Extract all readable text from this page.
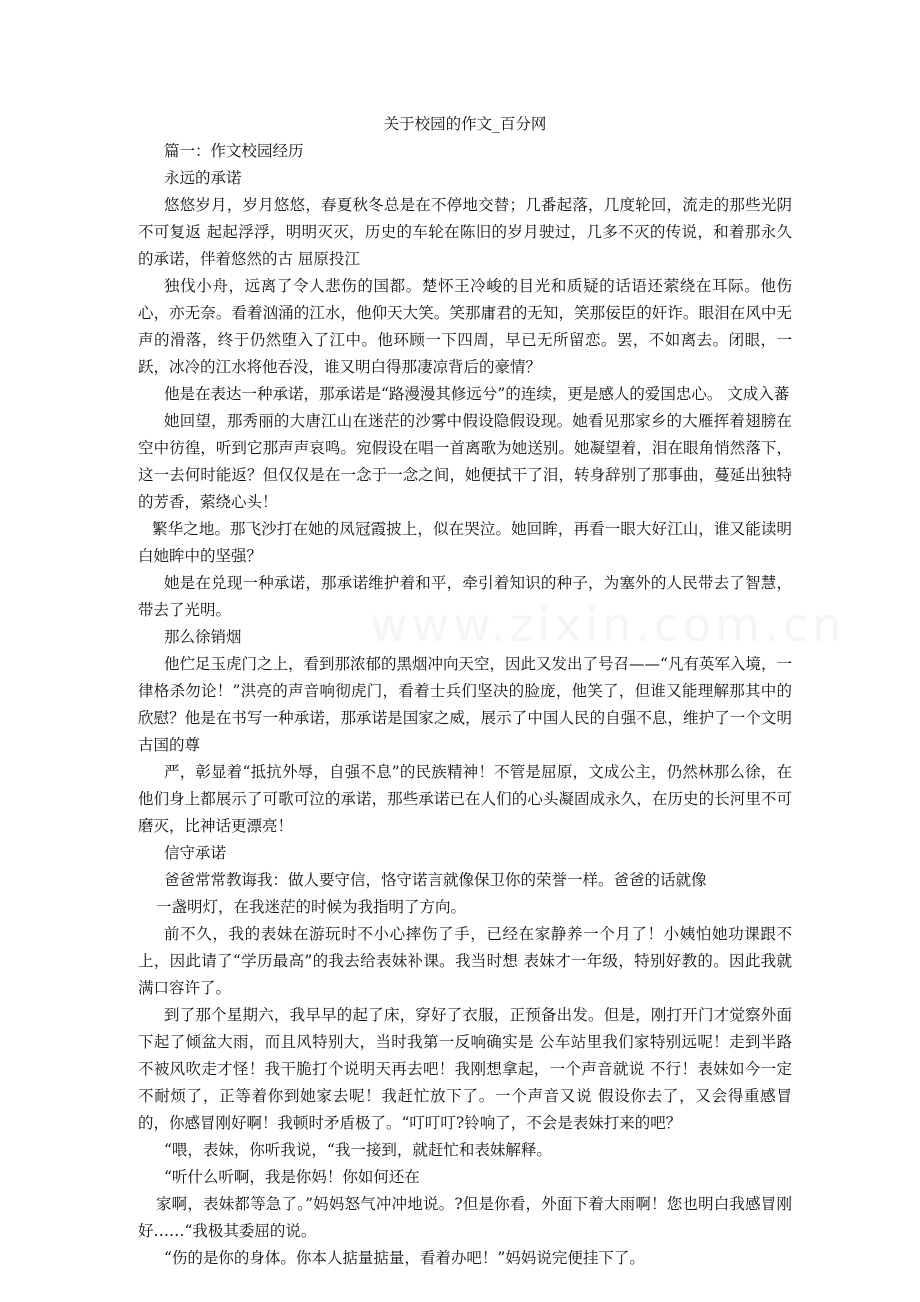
www.zixin.com.cn
关于校园的作文_百分网

篇一：作文校园经历

永远的承诺

悠悠岁月，岁月悠悠，春夏秋冬总是在不停地交替；几番起落，几度轮回，流走的那些光阴不可复返 起起浮浮，明明灭灭，历史的车轮在陈旧的岁月驶过，几多不灭的传说，和着那永久的承诺，伴着悠然的古 屈原投江

独伐小舟，远离了令人悲伤的国都。楚怀王冷峻的目光和质疑的话语还萦绕在耳际。他伤心，亦无奈。看着汹涌的江水，他仰天大笑。笑那庸君的无知，笑那佞臣的奸诈。眼泪在风中无声的滑落，终于仍然堕入了江中。他环顾一下四周，早已无所留恋。罢，不如离去。闭眼，一跃，冰冷的江水将他吞没，谁又明白得那凄凉背后的豪情？

他是在表达一种承诺，那承诺是“路漫漫其修远兮”的连续，更是感人的爱国忠心。 文成入蕃

她回望，那秀丽的大唐江山在迷茫的沙雾中假设隐假设现。她看见那家乡的大雁挥着翅膀在空中彷徨，听到它那声声哀鸣。宛假设在唱一首离歌为她送别。她凝望着，泪在眼角悄然落下，这一去何时能返？但仅仅是在一念于一念之间，她便拭干了泪，转身辞别了那事曲，蔓延出独特的芳香，萦绕心头！

繁华之地。那飞沙打在她的凤冠霞披上，似在哭泣。她回眸，再看一眼大好江山，谁又能读明白她眸中的坚强？

她是在兑现一种承诺，那承诺维护着和平，牵引着知识的种子，为塞外的人民带去了智慧，带去了光明。

那么徐销烟

他伫足玉虎门之上，看到那浓郁的黑烟冲向天空，因此又发出了号召——“凡有英军入境，一律格杀勿论！”洪亮的声音响彻虎门，看着士兵们坚决的脸庞，他笑了，但谁又能理解那其中的欣慰？他是在书写一种承诺，那承诺是国家之威，展示了中国人民的自强不息，维护了一个文明古国的尊

严，彰显着“抵抗外辱，自强不息”的民族精神！不管是屈原，文成公主，仍然林那么徐，在他们身上都展示了可歌可泣的承诺，那些承诺已在人们的心头凝固成永久，在历史的长河里不可磨灭，比神话更漂亮！

信守承诺

爸爸常常教诲我：做人要守信，恪守诺言就像保卫你的荣誉一样。爸爸的话就像

一盏明灯，在我迷茫的时候为我指明了方向。

前不久，我的表妹在游玩时不小心摔伤了手，已经在家静养一个月了！小姨怕她功课跟不上，因此请了“学历最高”的我去给表妹补课。我当时想 表妹才一年级，特别好教的。因此我就满口容许了。

到了那个星期六，我早早的起了床，穿好了衣服，正预备出发。但是，刚打开门才觉察外面下起了倾盆大雨，而且风特别大，当时我第一反响确实是 公车站里我们家特别远呢！走到半路不被风吹走才怪！我干脆打个说明天再去吧！我刚想拿起，一个声音就说 不行！表妹如今一定不耐烦了，正等着你到她家去呢！我赶忙放下了。一个声音又说 假设你去了，又会得重感冒的，你感冒刚好啊！我顿时矛盾极了。“叮叮叮?铃响了，不会是表妹打来的吧？

“喂，表妹，你听我说，“我一接到，就赶忙和表妹解释。

“听什么听啊，我是你妈！你如何还在

家啊，表妹都等急了。”妈妈怒气冲冲地说。?但是你看，外面下着大雨啊！您也明白我感冒刚好……“我极其委屈的说。

“伤的是你的身体。你本人掂量掂量，看着办吧！”妈妈说完便挂下了。
